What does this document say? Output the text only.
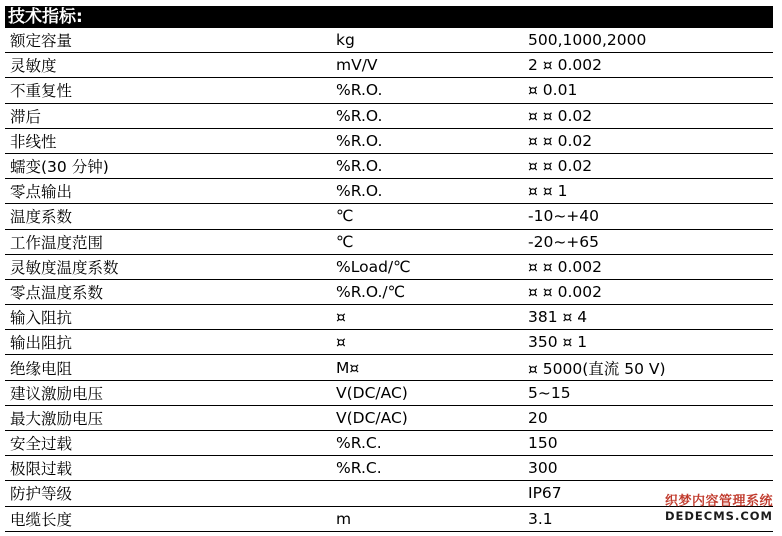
技术指标:		
额定容量	kg	500,1000,2000
灵敏度	mV/V	2 ¤ 0.002
不重复性	%R.O.	¤ 0.01
滞后	%R.O.	¤ ¤ 0.02
非线性	%R.O.	¤ ¤ 0.02
蠕变(30 分钟)	%R.O.	¤ ¤ 0.02
零点输出	%R.O.	¤ ¤ 1
温度系数	℃	-10~+40
工作温度范围	℃	-20~+65
灵敏度温度系数	%Load/℃	¤ ¤ 0.002
零点温度系数	%R.O./℃	¤ ¤ 0.002
输入阻抗	¤	381 ¤ 4
输出阻抗	¤	350 ¤ 1
绝缘电阻	M¤	¤ 5000(直流 50 V)
建议激励电压	V(DC/AC)	5~15
最大激励电压	V(DC/AC)	20
安全过载	%R.C.	150
极限过载	%R.C.	300
防护等级		IP67
电缆长度	m	3.1
织梦内容管理系统
DEDECMS.COM
